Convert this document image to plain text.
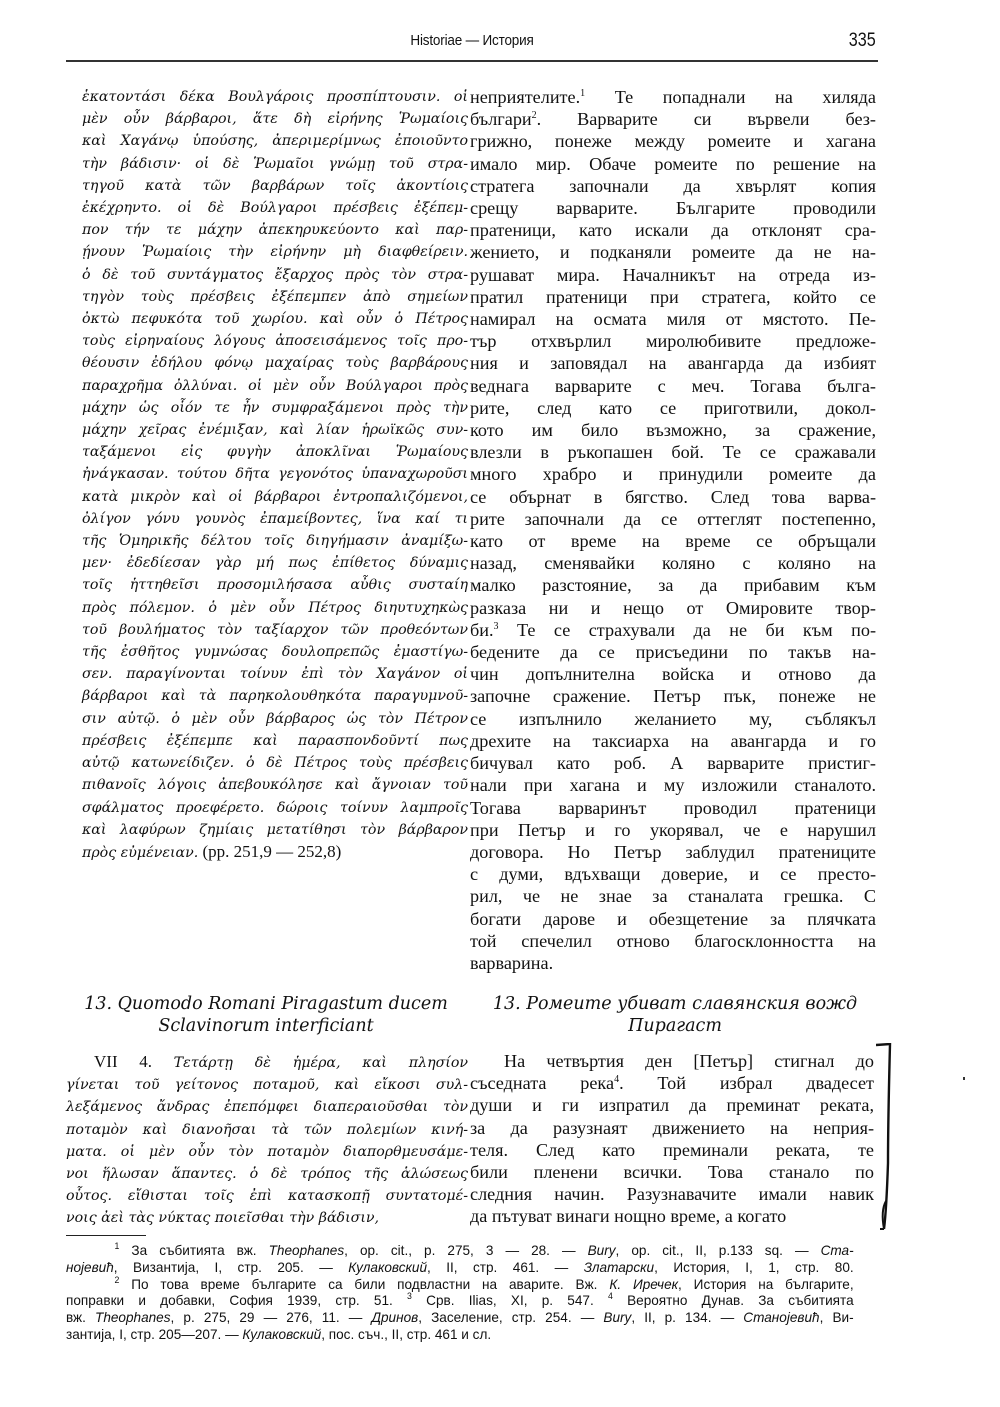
Historiae — История	335
ἑκατοντάσι δέκα Βουλγάροις προσπίπτουσιν. οἱ
μὲν οὖν βάρβαροι, ἅτε δὴ εἰρήνης Ῥωμαίοις
καὶ Χαγάνῳ ὑπούσης, ἀπεριμερίμνως ἐποιοῦντο
τὴν βάδισιν· οἱ δὲ Ῥωμαῖοι γνώμῃ τοῦ στρα-
τηγοῦ κατὰ τῶν βαρβάρων τοῖς ἀκοντίοις
ἐκέχρηντο. οἱ δὲ Βούλγαροι πρέσβεις ἐξέπεμ-
πον τήν τε μάχην ἀπεκηρυκεύοντο καὶ παρ-
ῄνουν Ῥωμαίοις τὴν εἰρήνην μὴ διαφθείρειν.
ὁ δὲ τοῦ συντάγματος ἔξαρχος πρὸς τὸν στρα-
τηγὸν τοὺς πρέσβεις ἐξέπεμπεν ἀπὸ σημείων
ὀκτὼ πεφυκότα τοῦ χωρίου. καὶ οὖν ὁ Πέτρος
τοὺς εἰρηναίους λόγους ἀποσεισάμενος τοῖς προ-
θέουσιν ἐδήλου φόνῳ μαχαίρας τοὺς βαρβάρους
παραχρῆμα ὀλλύναι. οἱ μὲν οὖν Βούλγαροι πρὸς
μάχην ὡς οἷόν τε ἦν συμφραξάμενοι πρὸς τὴν
μάχην χεῖρας ἐνέμιξαν, καὶ λίαν ἡρωϊκῶς συν-
ταξάμενοι εἰς φυγὴν ἀποκλῖναι Ῥωμαίους
ἠνάγκασαν. τούτου δῆτα γεγονότος ὑπαναχωροῦσι
κατὰ μικρὸν καὶ οἱ βάρβαροι ἐντροπαλιζόμενοι,
ὀλίγον γόνυ γουνὸς ἐπαμείβοντες, ἵνα καί τι
τῆς Ὁμηρικῆς δέλτου τοῖς διηγήμασιν ἀναμίξω-
μεν· ἐδεδίεσαν γὰρ μή πως ἐπίθετος δύναμις
τοῖς ἡττηθεῖσι προσομιλήσασα αὖθις συσταίη
πρὸς πόλεμον. ὁ μὲν οὖν Πέτρος διηυτυχηκὼς
τοῦ βουλήματος τὸν ταξίαρχον τῶν προθεόντων
τῆς ἐσθῆτος γυμνώσας δουλοπρεπῶς ἐμαστίγω-
σεν. παραγίνονται τοίνυν ἐπὶ τὸν Χαγάνον οἱ
βάρβαροι καὶ τὰ παρηκολουθηκότα παραγυμνοῦ-
σιν αὐτῷ. ὁ μὲν οὖν βάρβαρος ὡς τὸν Πέτρον
πρέσβεις ἐξέπεμπε καὶ παρασπονδοῦντί πως
αὐτῷ κατωνείδιζεν. ὁ δὲ Πέτρος τοὺς πρέσβεις
πιθανοῖς λόγοις ἀπεβουκόλησε καὶ ἄγνοιαν τοῦ
σφάλματος προεφέρετο. δώροις τοίνυν λαμπροῖς
καὶ λαφύρων ζημίαις μετατίθησι τὸν βάρβαρον
πρὸς εὐμένειαν. (pp. 251,9 — 252,8)
неприятелите.$^1$ Те попаднали на хиляда
българи$^2$. Варварите си вървели без-
грижно, понеже между ромеите и хагана
имало мир. Обаче ромеите по решение на
стратега започнали да хвърлят копия
срещу варварите. Българите проводили
пратеници, като искали да отклонят сра-
жението, и подканяли ромеите да не на-
рушават мира. Началникът на отреда из-
пратил пратеници при стратега, който се
намирал на осмата миля от мястото. Пе-
тър отхвърлил миролюбивите предложе-
ния и заповядал на авангарда да избият
веднага варварите с меч. Тогава бълга-
рите, след като се приготвили, докол-
кото им било възможно, за сражение,
влезли в ръкопашен бой. Те се сражавали
много храбро и принудили ромеите да
се обърнат в бягство. След това варва-
рите започнали да се оттеглят постепенно,
като от време на време се обръщали
назад, сменявайки коляно с коляно на
малко разстояние, за да прибавим към
разказа ни и нещо от Омировите твор-
би.$^3$ Те се страхували да не би към по-
бедените да се присъедини по такъв на-
чин допълнителна войска и отново да
започне сражение. Петър пък, понеже не
се изпълнило желанието му, съблякъл
дрехите на таксиарха на авангарда и го
бичувал като роб. А варварите пристиг-
нали при хагана и му изложили станалото.
Тогава варваринът проводил пратеници
при Петър и го укорявал, че е нарушил
договора. Но Петър заблудил пратениците
с думи, вдъхващи доверие, и се престо-
рил, че не знае за станалата грешка. С
богати дарове и обезщетение за плячката
той спечелил отново благосклонността на
варварина.
13. Quomodo Romani Piragastum ducem
Sclavinorum interficiant
13. Ромеите убиват славянския вожд
Пирагаст
VII 4. Τετάρτῃ δὲ ἡμέρα, καὶ πλησίον
γίνεται τοῦ γείτονος ποταμοῦ, καὶ εἴκοσι συλ-
λεξάμενος ἄνδρας ἐπεπόμφει διαπεραιοῦσθαι τὸν
ποταμὸν καὶ διανοῆσαι τὰ τῶν πολεμίων κινή-
ματα. οἱ μὲν οὖν τὸν ποταμὸν διαπορθμευσάμε-
νοι ἥλωσαν ἅπαντες. ὁ δὲ τρόπος τῆς ἁλώσεως
οὗτος. εἴθισται τοῖς ἐπὶ κατασκοπῇ συντατομέ-
νοις ἀεὶ τὰς νύκτας ποιεῖσθαι τὴν βάδισιν,
На четвъртия ден [Петър] стигнал до
съседната река$^4$. Той избрал двадесет
души и ги изпратил да преминат реката,
за да разузнаят движението на неприя-
теля. След като преминали реката, те
били пленени всички. Това станало по
следния начин. Разузнавачите имали навик
да пътуват винаги нощно време, а когато
$^1$ За събитията вж. Theophanes, op. cit., p. 275, 3 — 28. — Bury, op. cit., II, p.133 sq. — Ста-
нојевић, Византија, I, стр. 205. — Кулаковский, II, стр. 461. — Златарски, История, I, 1, стр. 80.
$^2$ По това време българите са били подвластни на аварите. Вж. К. Иречек, История на българите,
поправки и добавки, София 1939, стр. 51. $^3$ Срв. Ilias, XI, p. 547. $^4$ Вероятно Дунав. За събитията
вж. Theophanes, p. 275, 29 — 276, 11. — Дринов, Заселение, стр. 254. — Bury, II, p. 134. — Станојевић, Ви-
зантија, I, стр. 205—207. — Кулаковский, пос. съч., II, стр. 461 и сл.
